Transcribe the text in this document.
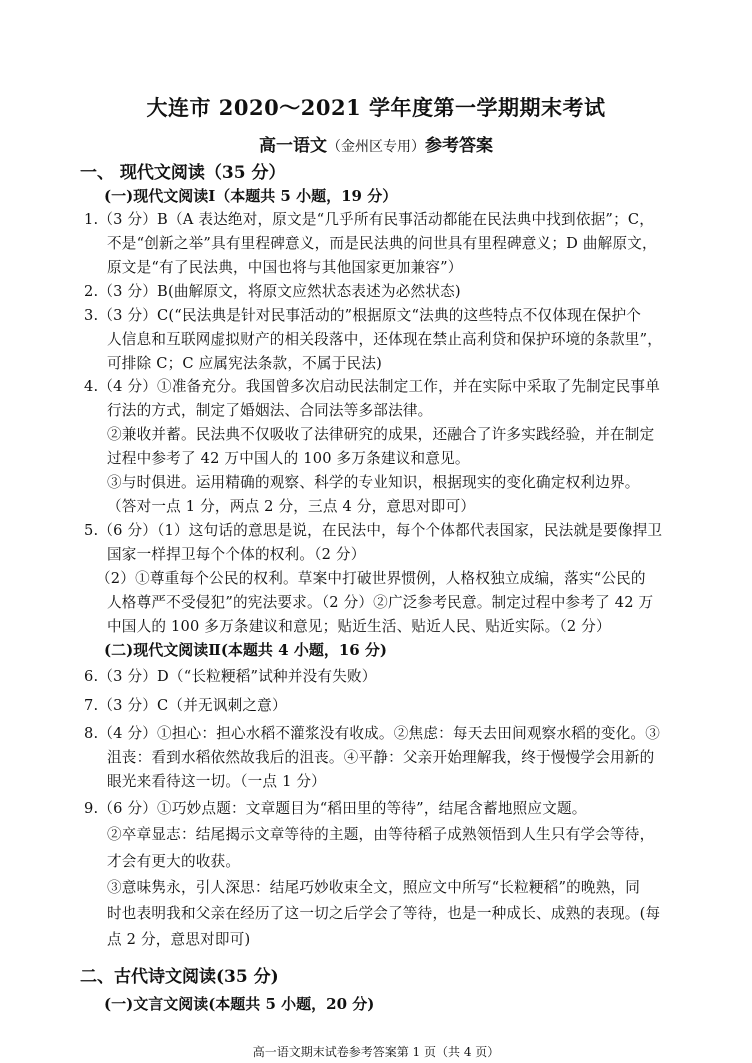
大连市 2020～2021 学年度第一学期期末考试
高一语文（金州区专用）参考答案
一、 现代文阅读（35 分）
(一)现代文阅读Ⅰ（本题共 5 小题，19 分）
1.（3 分）B（A 表达绝对，原文是“几乎所有民事活动都能在民法典中找到依据”；C，
不是“创新之举”具有里程碑意义，而是民法典的问世具有里程碑意义；D 曲解原文，
原文是“有了民法典，中国也将与其他国家更加兼容”）
2.（3 分）B(曲解原文，将原文应然状态表述为必然状态)
3.（3 分）C(“民法典是针对民事活动的”根据原文“法典的这些特点不仅体现在保护个
人信息和互联网虚拟财产的相关段落中，还体现在禁止高利贷和保护环境的条款里”，
可排除 C；C 应属宪法条款，不属于民法)
4.（4 分）①准备充分。我国曾多次启动民法制定工作，并在实际中采取了先制定民事单
行法的方式，制定了婚姻法、合同法等多部法律。
②兼收并蓄。民法典不仅吸收了法律研究的成果，还融合了许多实践经验，并在制定
过程中参考了 42 万中国人的 100 多万条建议和意见。
③与时俱进。运用精确的观察、科学的专业知识，根据现实的变化确定权利边界。
（答对一点 1 分，两点 2 分，三点 4 分，意思对即可）
5.（6 分）（1）这句话的意思是说，在民法中，每个个体都代表国家，民法就是要像捍卫
国家一样捍卫每个个体的权利。（2 分）
（2）①尊重每个公民的权利。草案中打破世界惯例，人格权独立成编，落实“公民的
人格尊严不受侵犯”的宪法要求。（2 分）②广泛参考民意。制定过程中参考了 42 万
中国人的 100 多万条建议和意见；贴近生活、贴近人民、贴近实际。（2 分）
(二)现代文阅读Ⅱ(本题共 4 小题，16 分)
6.（3 分）D（“长粒粳稻”试种并没有失败）
7.（3 分）C（并无讽刺之意）
8.（4 分）①担心：担心水稻不灌浆没有收成。②焦虑：每天去田间观察水稻的变化。③
沮丧：看到水稻依然故我后的沮丧。④平静：父亲开始理解我，终于慢慢学会用新的
眼光来看待这一切。（一点 1 分）
9.（6 分）①巧妙点题：文章题目为“稻田里的等待”，结尾含蓄地照应文题。
②卒章显志：结尾揭示文章等待的主题，由等待稻子成熟领悟到人生只有学会等待，
才会有更大的收获。
③意味隽永，引人深思：结尾巧妙收束全文，照应文中所写“长粒粳稻”的晚熟，同
时也表明我和父亲在经历了这一切之后学会了等待，也是一种成长、成熟的表现。(每
点 2 分，意思对即可)
二、古代诗文阅读(35 分)
(一)文言文阅读(本题共 5 小题，20 分)
高一语文期末试卷参考答案第 1 页（共 4 页）
